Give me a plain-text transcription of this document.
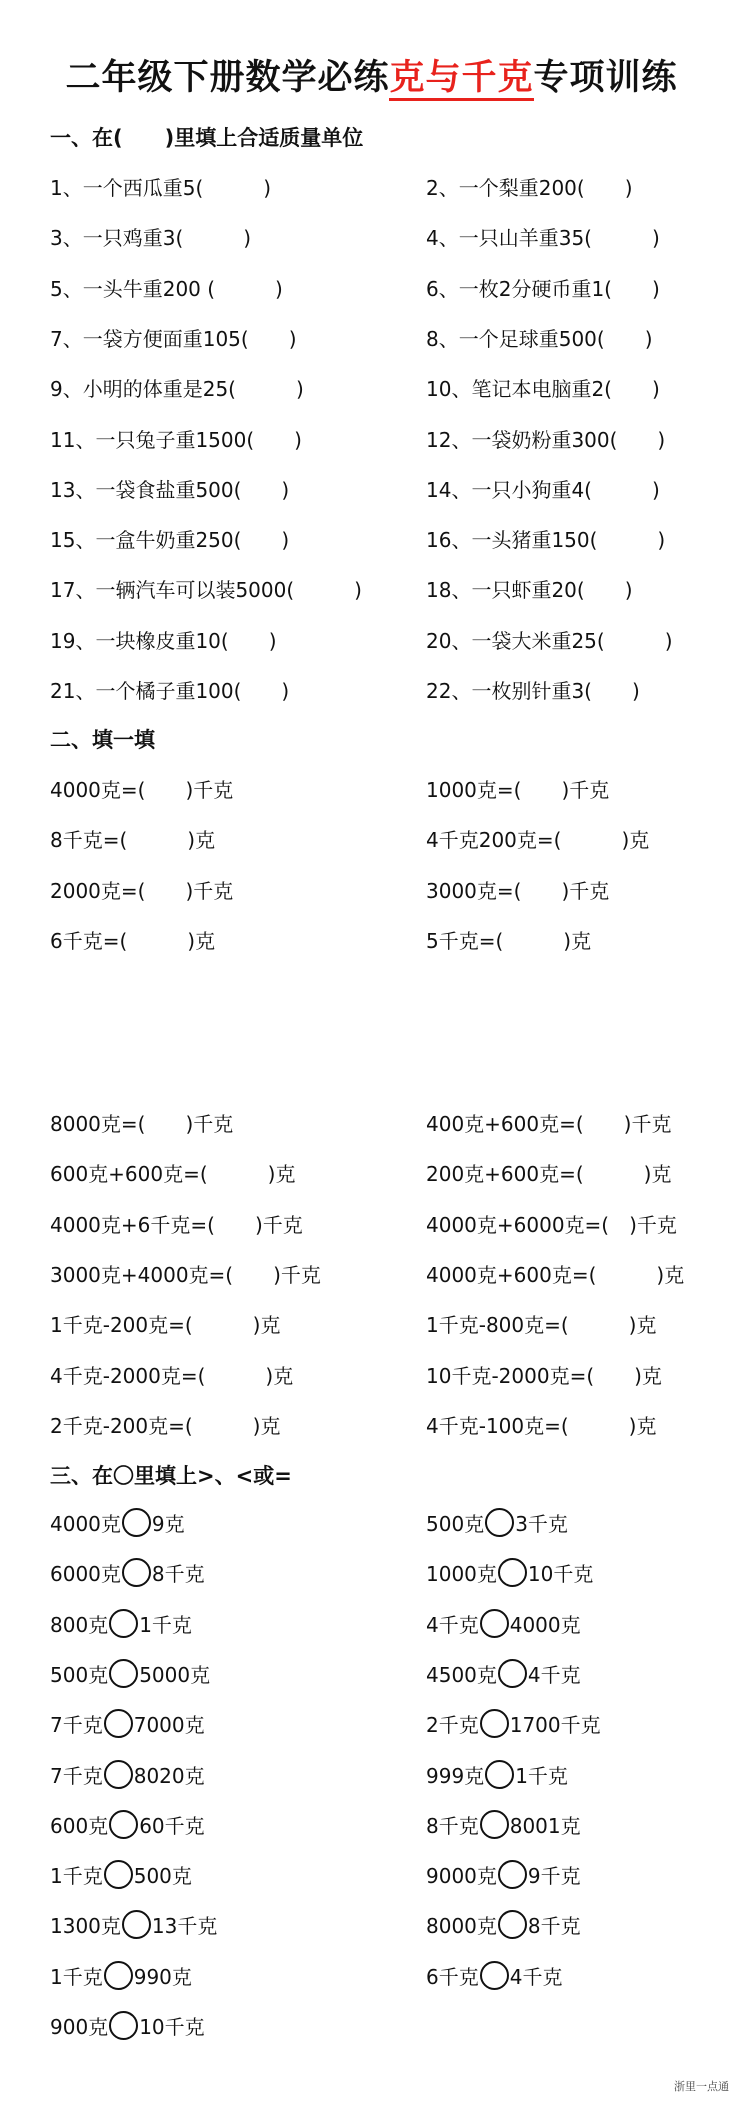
二年级下册数学必练克与千克专项训练
一、在(　　)里填上合适质量单位
1、一个西瓜重5(　　　)	2、一个梨重200(　　)
3、一只鸡重3(　　　)	4、一只山羊重35(　　　)
5、一头牛重200 (　　　)	6、一枚2分硬币重1(　　)
7、一袋方便面重105(　　)	8、一个足球重500(　　)
9、小明的体重是25(　　　)	10、笔记本电脑重2(　　)
11、一只兔子重1500(　　)	12、一袋奶粉重300(　　)
13、一袋食盐重500(　　)	14、一只小狗重4(　　　)
15、一盒牛奶重250(　　)	16、一头猪重150(　　　)
17、一辆汽车可以装5000(　　　)	18、一只虾重20(　　)
19、一块橡皮重10(　　)	20、一袋大米重25(　　　)
21、一个橘子重100(　　)	22、一枚别针重3(　　)
二、填一填
4000克=(　　)千克	1000克=(　　)千克
8千克=(　　　)克	4千克200克=(　　　)克
2000克=(　　)千克	3000克=(　　)千克
6千克=(　　　)克	5千克=(　　　)克
8000克=(　　)千克	400克+600克=(　　)千克
600克+600克=(　　　)克	200克+600克=(　　　)克
4000克+6千克=(　　)千克	4000克+6000克=(　)千克
3000克+4000克=(　　)千克	4000克+600克=(　　　)克
1千克-200克=(　　　)克	1千克-800克=(　　　)克
4千克-2000克=(　　　)克	10千克-2000克=(　　)克
2千克-200克=(　　　)克	4千克-100克=(　　　)克
三、在〇里填上>、<或=
4000克 9克	500克 3千克
6000克 8千克	1000克 10千克
800克 1千克	4千克 4000克
500克 5000克	4500克 4千克
7千克 7000克	2千克 1700千克
7千克 8020克	999克 1千克
600克 60千克	8千克 8001克
1千克 500克	9000克 9千克
1300克 13千克	8000克 8千克
1千克 990克	6千克 4千克
900克 10千克
浙里一点通
